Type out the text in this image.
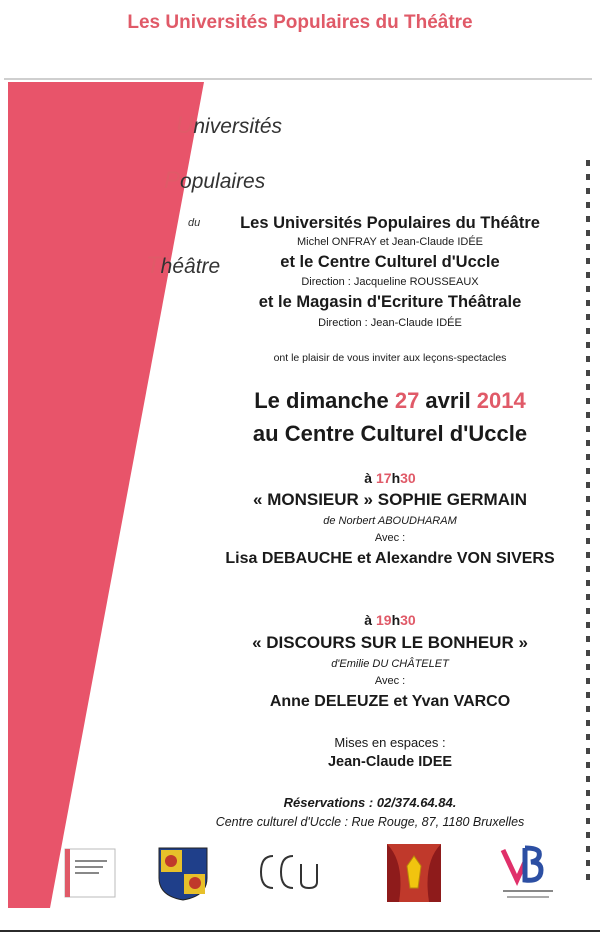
Les Universités Populaires du Théâtre
Universités
Populaires
du
Théâtre
Les Universités Populaires du Théâtre
Michel ONFRAY et Jean-Claude IDÉE
et le Centre Culturel d'Uccle
Direction : Jacqueline ROUSSEAUX
et le Magasin d'Ecriture Théâtrale
Direction : Jean-Claude IDÉE
ont le plaisir de vous inviter aux leçons-spectacles
Le dimanche 27 avril 2014
au Centre Culturel d'Uccle
à 17h30
« MONSIEUR » SOPHIE GERMAIN
de Norbert ABOUDHARAM
Avec :
Lisa DEBAUCHE et Alexandre VON SIVERS
à 19h30
« DISCOURS SUR LE BONHEUR »
d'Emilie DU CHÂTELET
Avec :
Anne DELEUZE et Yvan VARCO
Mises en espaces :
Jean-Claude IDEE
Réservations : 02/374.64.84.
Centre culturel d'Uccle : Rue Rouge, 87, 1180 Bruxelles
